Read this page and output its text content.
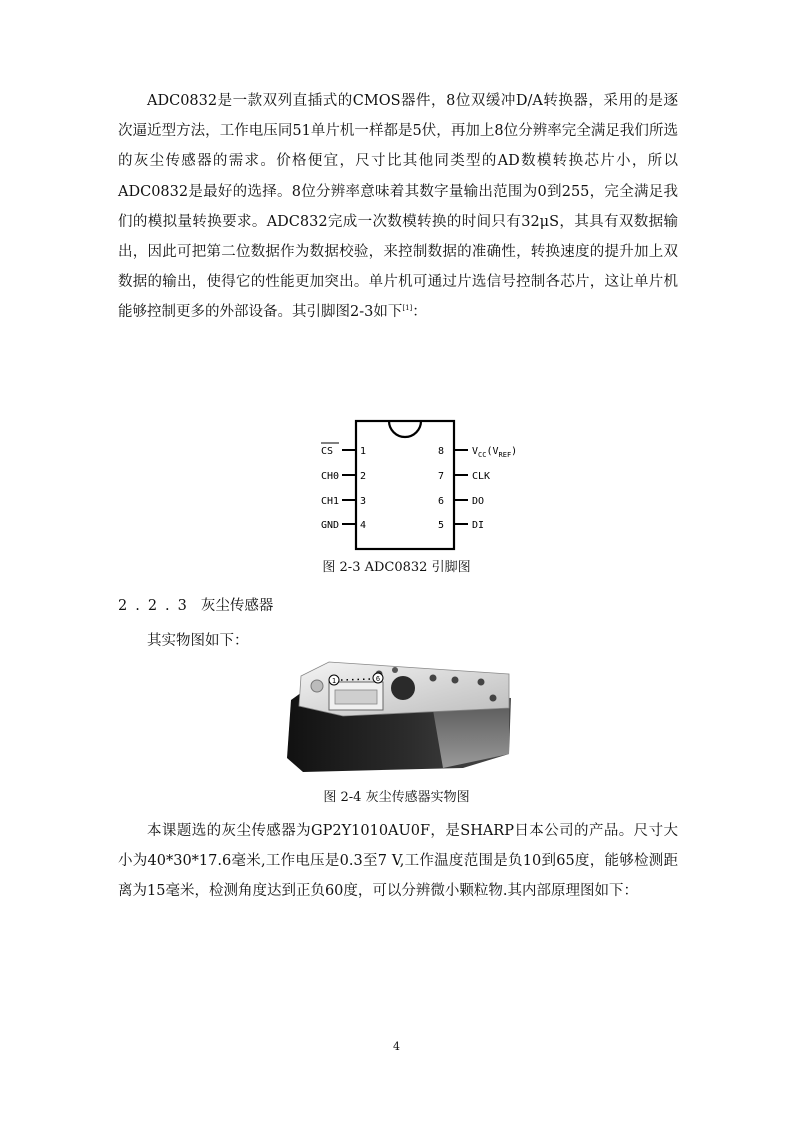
ADC0832是一款双列直插式的CMOS器件，8位双缓冲D/A转换器，采用的是逐次逼近型方法，工作电压同51单片机一样都是5伏，再加上8位分辨率完全满足我们所选的灰尘传感器的需求。价格便宜，尺寸比其他同类型的AD数模转换芯片小，所以ADC0832是最好的选择。8位分辨率意味着其数字量输出范围为0到255，完全满足我们的模拟量转换要求。ADC832完成一次数模转换的时间只有32μS，其具有双数据输出，因此可把第二位数据作为数据校验，来控制数据的准确性，转换速度的提升加上双数据的输出，使得它的性能更加突出。单片机可通过片选信号控制各芯片，这让单片机能够控制更多的外部设备。其引脚图2-3如下[1]：

CS	1
CH0 2
CH1 3
GND 4
8	$V_{CC}(V_{REF})$
7	CLK
6	DO
5	DI
图 2-3 ADC0832 引脚图
2.2.3 灰尘传感器

其实物图如下：

1	6
图 2-4 灰尘传感器实物图

本课题选的灰尘传感器为GP2Y1010AU0F，是SHARP日本公司的产品。尺寸大小为40*30*17.6毫米,工作电压是0.3至7 V,工作温度范围是负10到65度，能够检测距离为15毫米，检测角度达到正负60度，可以分辨微小颗粒物.其内部原理图如下：

4
